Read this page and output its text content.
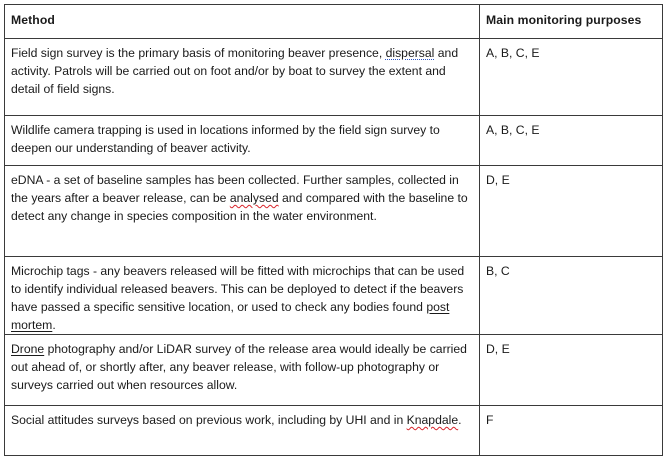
Method	Main monitoring purposes
Field sign survey is the primary basis of monitoring beaver presence, dispersal and activity. Patrols will be carried out on foot and/or by boat to survey the extent and detail of field signs.	A, B, C, E
Wildlife camera trapping is used in locations informed by the field sign survey to deepen our understanding of beaver activity.	A, B, C, E
eDNA - a set of baseline samples has been collected. Further samples, collected in the years after a beaver release, can be analysed and compared with the baseline to detect any change in species composition in the water environment.	D, E
Microchip tags - any beavers released will be fitted with microchips that can be used to identify individual released beavers. This can be deployed to detect if the beavers have passed a specific sensitive location, or used to check any bodies found post mortem.	B, C
Drone photography and/or LiDAR survey of the release area would ideally be carried out ahead of, or shortly after, any beaver release, with follow-up photography or surveys carried out when resources allow.	D, E
Social attitudes surveys based on previous work, including by UHI and in Knapdale.	F
